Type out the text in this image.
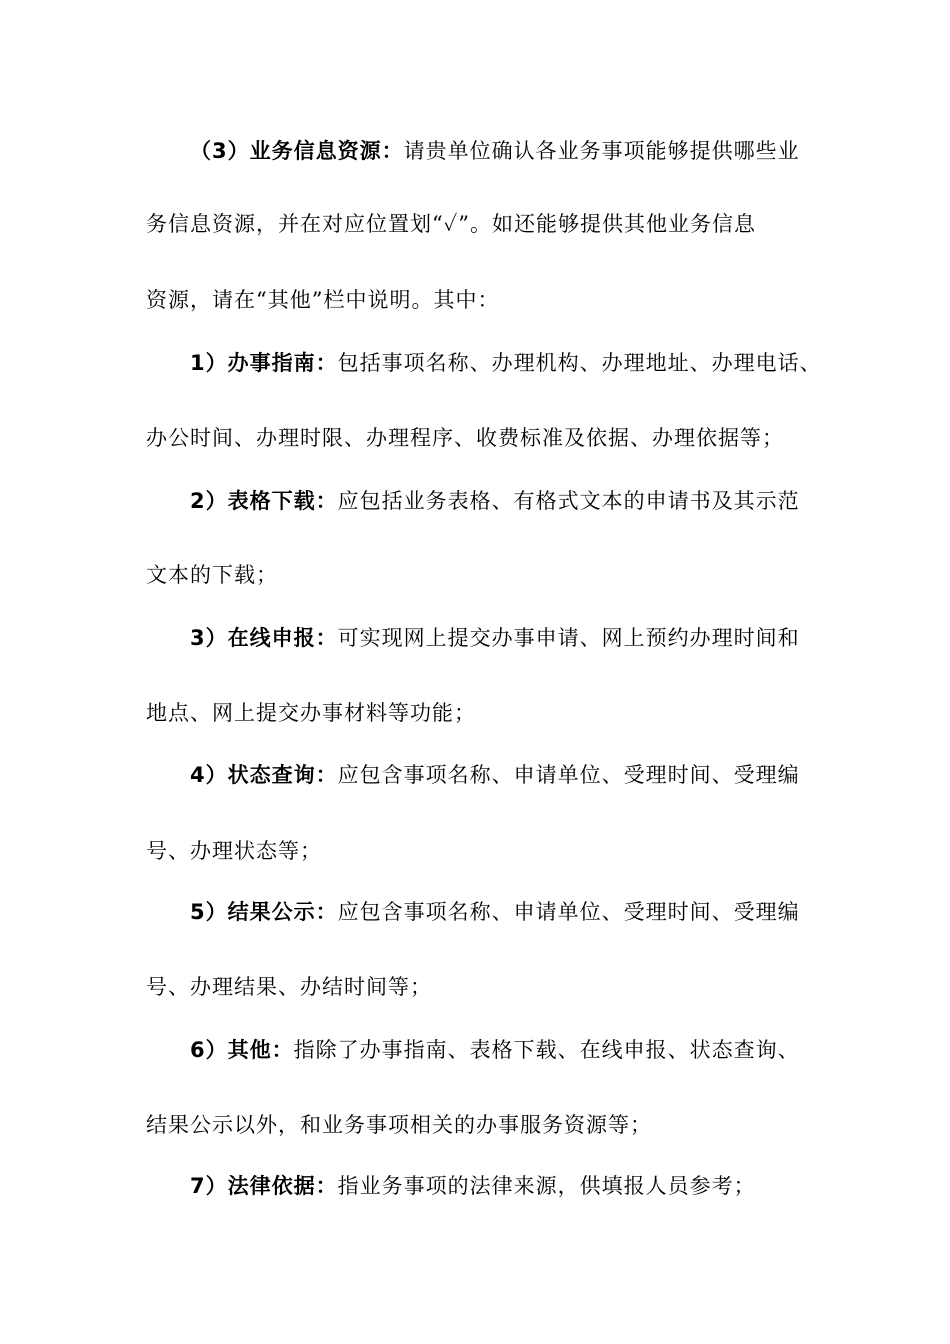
（3）业务信息资源：请贵单位确认各业务事项能够提供哪些业
务信息资源，并在对应位置划“✓”。如还能够提供其他业务信息
资源，请在“其他”栏中说明。其中：
1）办事指南：包括事项名称、办理机构、办理地址、办理电话、
办公时间、办理时限、办理程序、收费标准及依据、办理依据等；
2）表格下载：应包括业务表格、有格式文本的申请书及其示范
文本的下载；
3）在线申报：可实现网上提交办事申请、网上预约办理时间和
地点、网上提交办事材料等功能；
4）状态查询：应包含事项名称、申请单位、受理时间、受理编
号、办理状态等；
5）结果公示：应包含事项名称、申请单位、受理时间、受理编
号、办理结果、办结时间等；
6）其他：指除了办事指南、表格下载、在线申报、状态查询、
结果公示以外，和业务事项相关的办事服务资源等；
7）法律依据：指业务事项的法律来源，供填报人员参考；
